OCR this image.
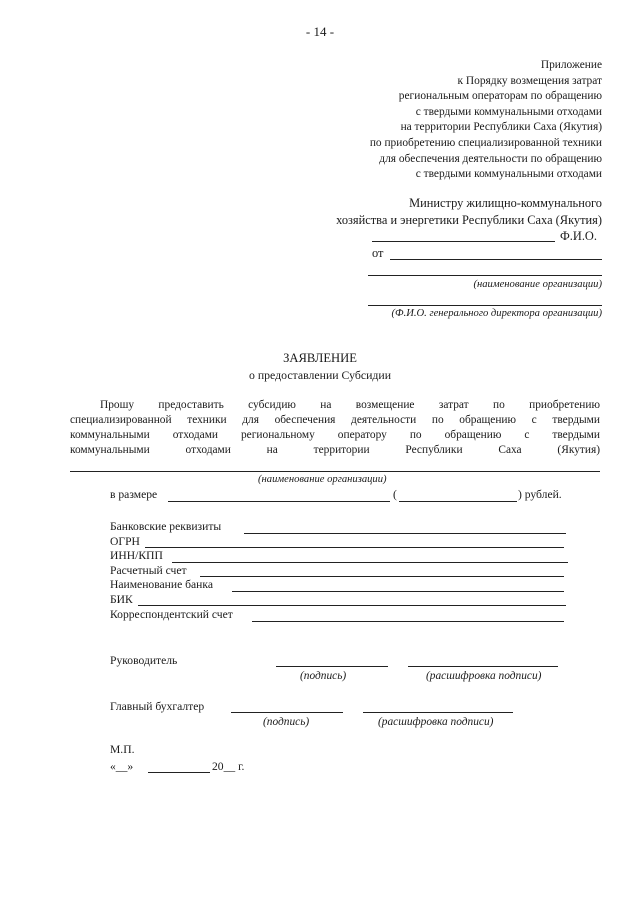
- 14 -
Приложение
к Порядку возмещения затрат
региональным операторам по обращению
с твердыми коммунальными отходами
на территории Республики Саха (Якутия)
по приобретению специализированной техники
для обеспечения деятельности по обращению
с твердыми коммунальными отходами
Министру жилищно-коммунального
хозяйства и энергетики Республики Саха (Якутия)
Ф.И.О.
от
(наименование организации)
(Ф.И.О. генерального директора организации)
ЗАЯВЛЕНИЕ
о предоставлении Субсидии
Прошу предоставить субсидию на возмещение затрат по приобретению
специализированной техники для обеспечения деятельности по обращению с твердыми
коммунальными отходами региональному оператору по обращению с твердыми
коммунальными отходами на территории Республики Саха (Якутия)
(наименование организации)
в размере	(	) рублей.
Банковские реквизиты
ОГРН
ИНН/КПП
Расчетный счет
Наименование банка
БИК
Корреспондентский счет
Руководитель
(подпись)	(расшифровка подписи)
Главный бухгалтер
(подпись)	(расшифровка подписи)
М.П.
«__»	20__ г.
